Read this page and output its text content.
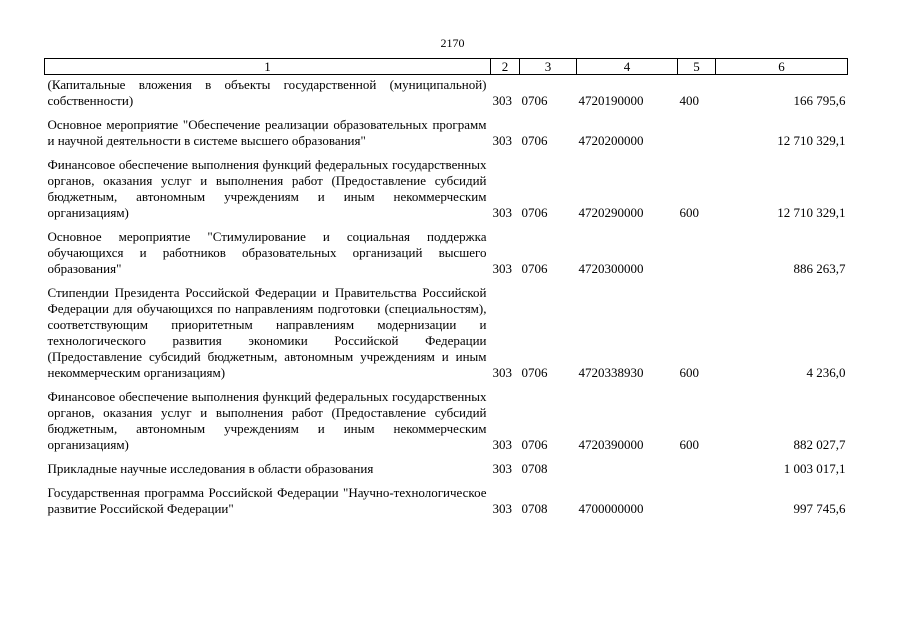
2170
1	2	3	4	5	6
(Капитальные вложения в объекты государственной (муниципальной) собственности)	303	0706	4720190000	400	166 795,6
Основное мероприятие "Обеспечение реализации образовательных программ и научной деятельности в системе высшего образования"	303	0706	4720200000		12 710 329,1
Финансовое обеспечение выполнения функций федеральных государственных органов, оказания услуг и выполнения работ (Предоставление субсидий бюджетным, автономным учреждениям и иным некоммерческим организациям)	303	0706	4720290000	600	12 710 329,1
Основное мероприятие "Стимулирование и социальная поддержка обучающихся и работников образовательных организаций высшего образования"	303	0706	4720300000		886 263,7
Стипендии Президента Российской Федерации и Правительства Российской Федерации для обучающихся по направлениям подготовки (специальностям), соответствующим приоритетным направлениям модернизации и технологического развития экономики Российской Федерации (Предоставление субсидий бюджетным, автономным учреждениям и иным некоммерческим организациям)	303	0706	4720338930	600	4 236,0
Финансовое обеспечение выполнения функций федеральных государственных органов, оказания услуг и выполнения работ (Предоставление субсидий бюджетным, автономным учреждениям и иным некоммерческим организациям)	303	0706	4720390000	600	882 027,7
Прикладные научные исследования в области образования	303	0708			1 003 017,1
Государственная программа Российской Федерации "Научно-технологическое развитие Российской Федерации"	303	0708	4700000000		997 745,6
